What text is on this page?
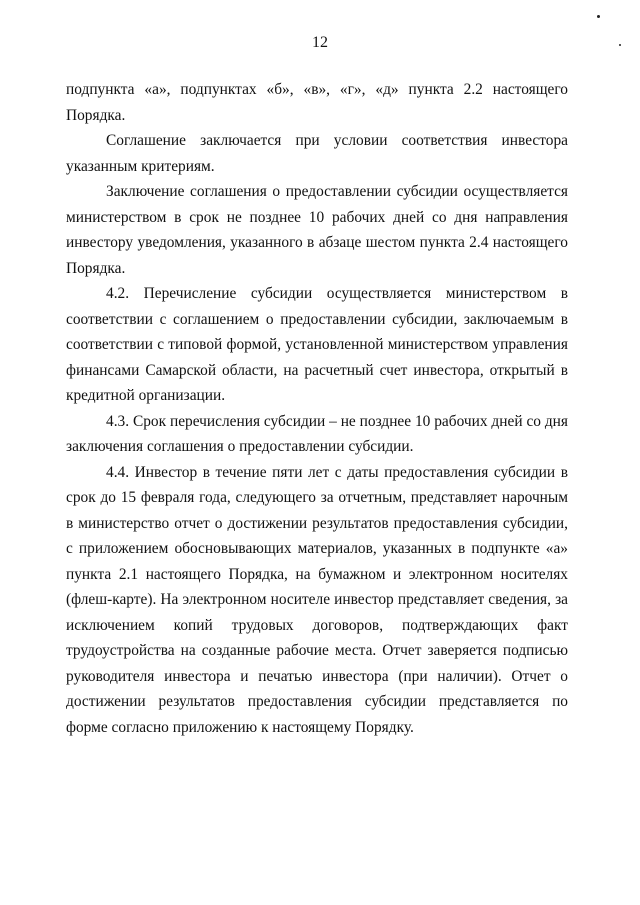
12

подпункта «а», подпунктах «б», «в», «г», «д» пункта 2.2 настоящего Порядка.

Соглашение заключается при условии соответствия инвестора указанным критериям.

Заключение соглашения о предоставлении субсидии осуществляется министерством в срок не позднее 10 рабочих дней со дня направления инвестору уведомления, указанного в абзаце шестом пункта 2.4 настоящего Порядка.

4.2. Перечисление субсидии осуществляется министерством в соответствии с соглашением о предоставлении субсидии, заключаемым в соответствии с типовой формой, установленной министерством управления финансами Самарской области, на расчетный счет инвестора, открытый в кредитной организации.

4.3. Срок перечисления субсидии – не позднее 10 рабочих дней со дня заключения соглашения о предоставлении субсидии.

4.4. Инвестор в течение пяти лет с даты предоставления субсидии в срок до 15 февраля года, следующего за отчетным, представляет нарочным в министерство отчет о достижении результатов предоставления субсидии, с приложением обосновывающих материалов, указанных в подпункте «а» пункта 2.1 настоящего Порядка, на бумажном и электронном носителях (флеш-карте). На электронном носителе инвестор представляет сведения, за исключением копий трудовых договоров, подтверждающих факт трудоустройства на созданные рабочие места. Отчет заверяется подписью руководителя инвестора и печатью инвестора (при наличии). Отчет о достижении результатов предоставления субсидии представляется по форме согласно приложению к настоящему Порядку.
